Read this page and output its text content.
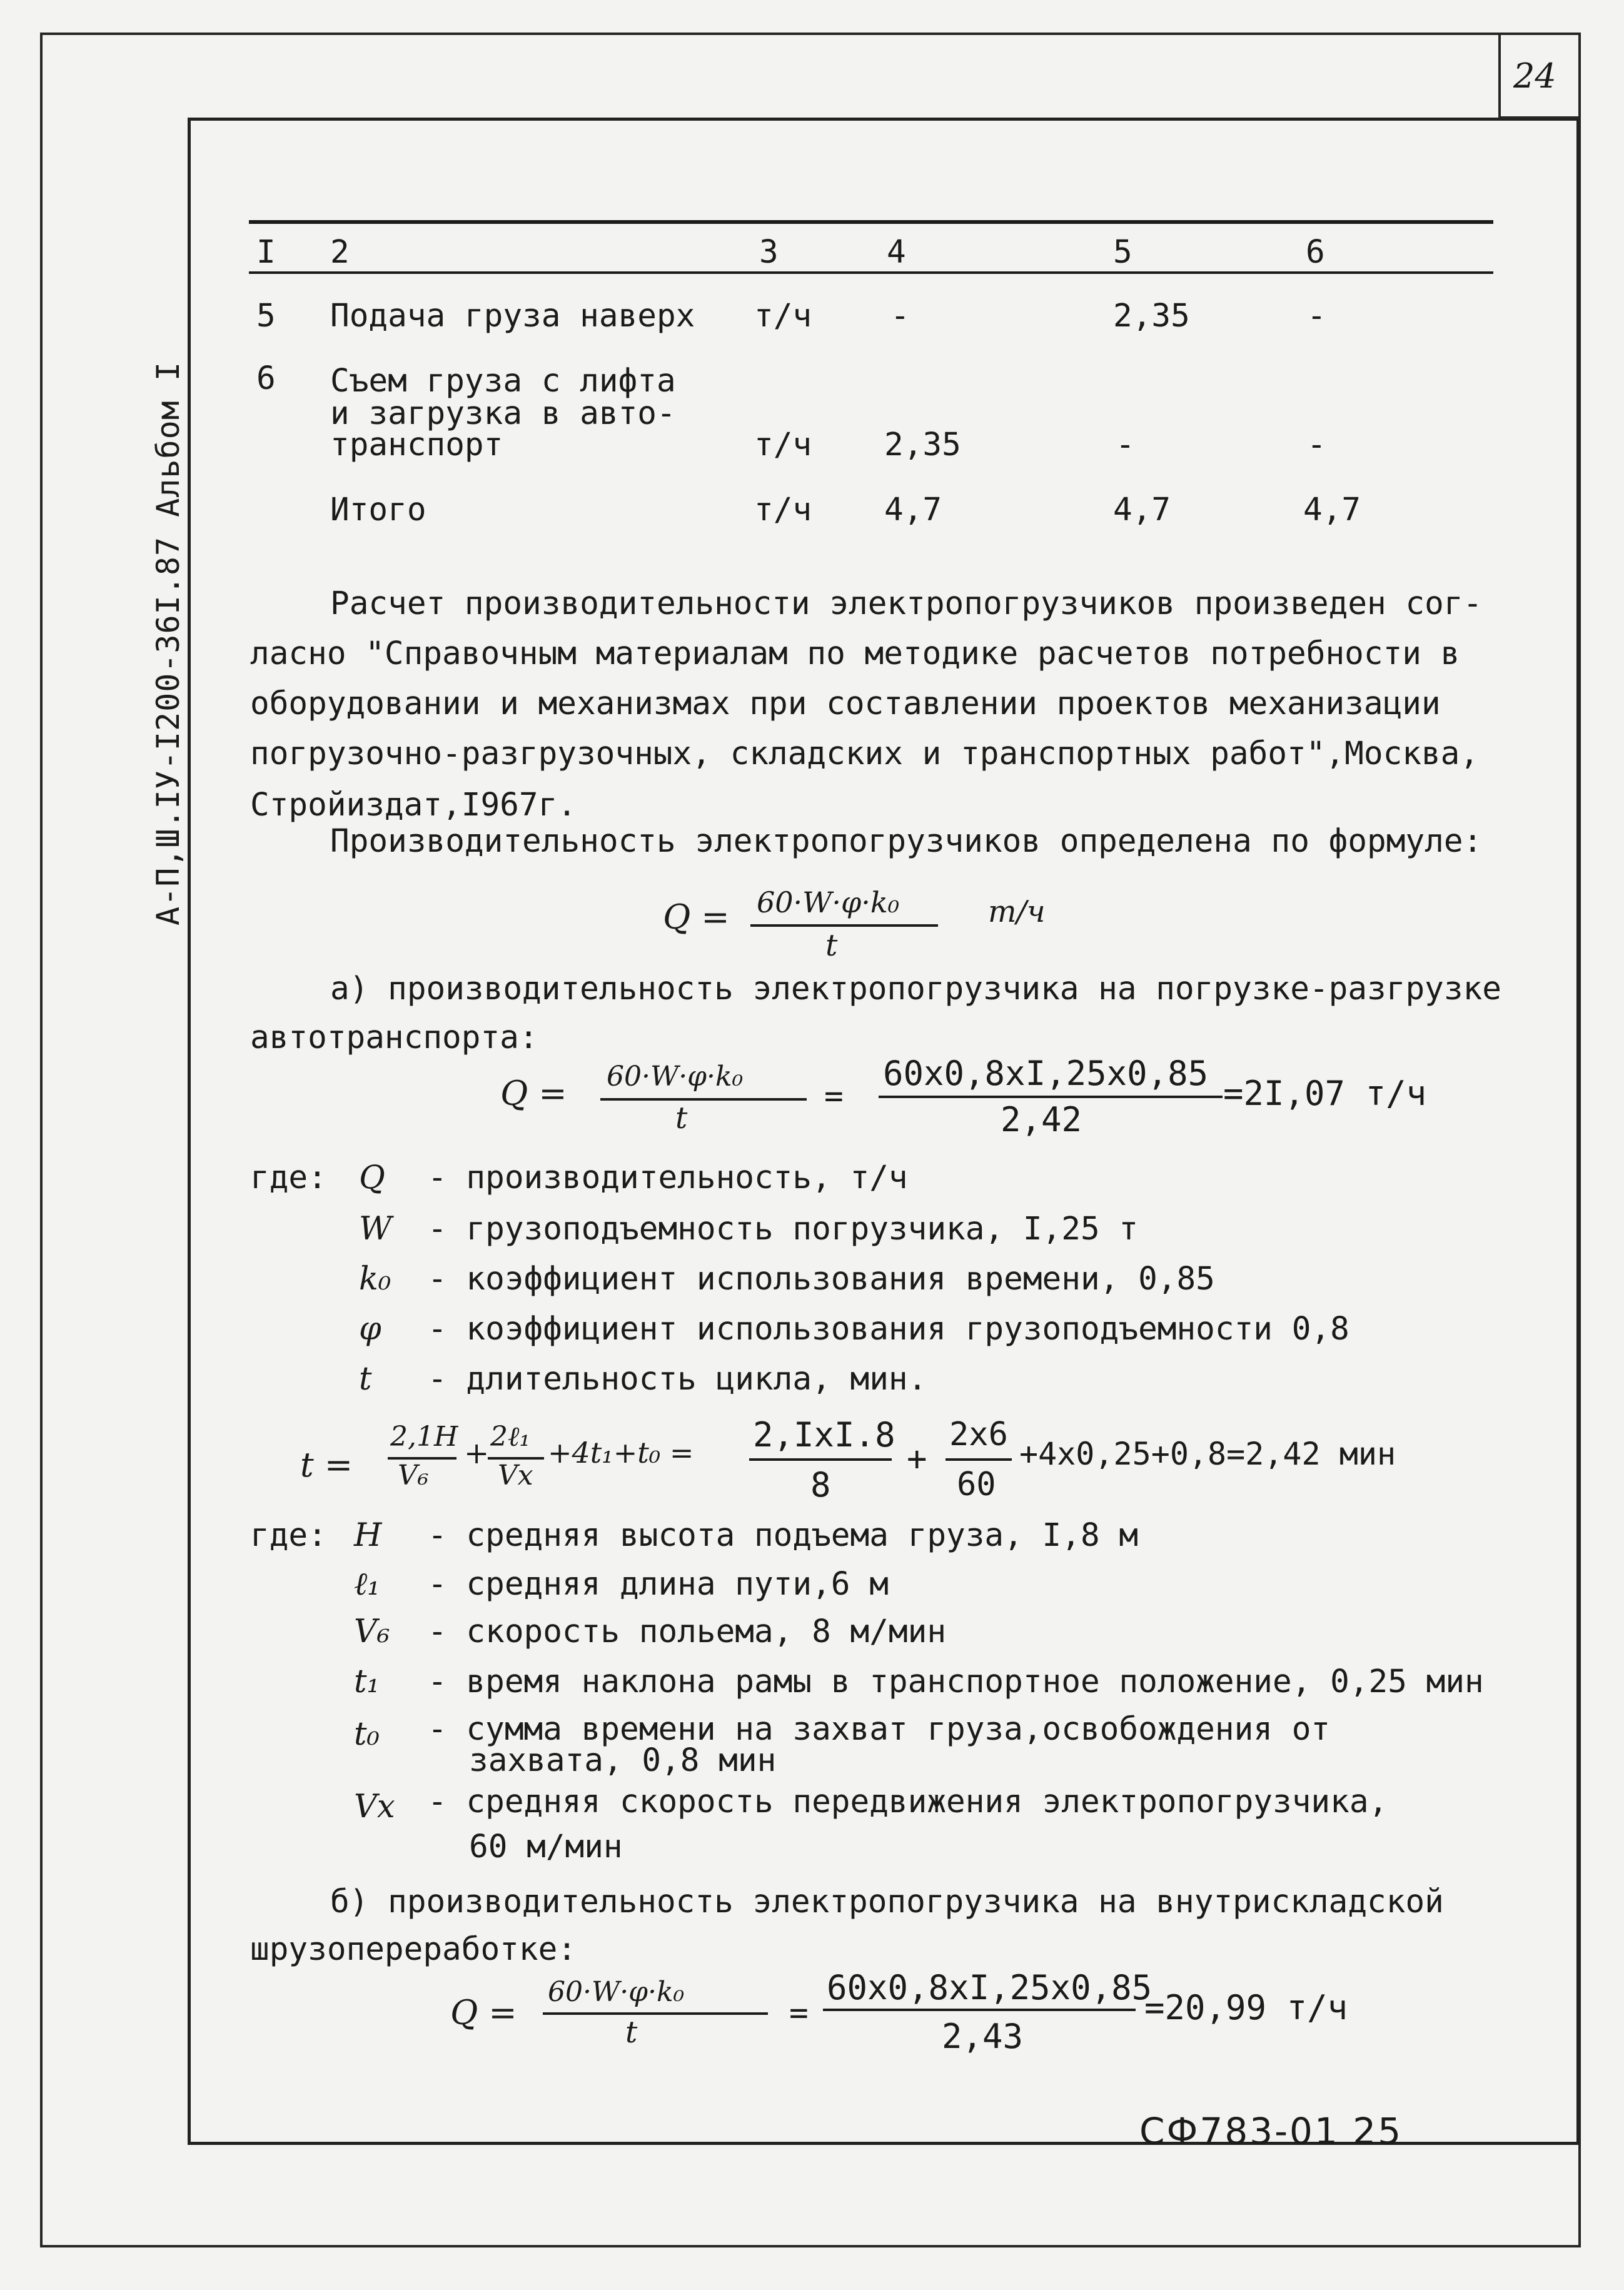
24
А-П,Ш.IУ-I200-36I.87 Альбом I
I 2	3	4	5	6
5 Подача груза наверх т/ч -	2,35	-
6 Съем груза с лифта
и загрузка в авто-
транспорт	т/ч 2,35	-	-
Итого	т/ч 4,7	4,7	4,7
Расчет производительности электропогрузчиков произведен сог-
ласно "Справочным материалам по методике расчетов потребности в
оборудовании и механизмах при составлении проектов механизации
погрузочно-разгрузочных, складских и транспортных работ",Москва,
Стройиздат,I967г.
Производительность электропогрузчиков определена по формуле:
Q = 60·W·φ·k₀
t
т/ч
а) производительность электропогрузчика на погрузке-разгрузке
автотранспорта:
Q = 60·W·φ·k₀
t
=
60x0,8xI,25x0,85
2,42
=2I,07 т/ч
где: Q - производительность, т/ч
W - грузоподъемность погрузчика, I,25 т
k₀ - коэффициент использования времени, 0,85
φ - коэффициент использования грузоподъемности 0,8
t - длительность цикла, мин.
t =
2,1H
V₆
+ 2ℓ₁
Vx
+4t₁+t₀ = 2,IxI.8
8
+
2x6
60
+4x0,25+0,8=2,42 мин
где: H - средняя высота подъема груза, I,8 м
ℓ₁ - средняя длина пути,6 м
V₆ - скорость польема, 8 м/мин
t₁ - время наклона рамы в транспортное положение, 0,25 мин
t₀ - сумма времени на захват груза,освобождения от
захвата, 0,8 мин
Vx - средняя скорость передвижения электропогрузчика,
60 м/мин
б) производительность электропогрузчика на внутрискладской
шрузопереработке:
Q =
60·W·φ·k₀
t
=
60x0,8xI,25x0,85
2,43
=20,99 т/ч
СФ783-01 25
